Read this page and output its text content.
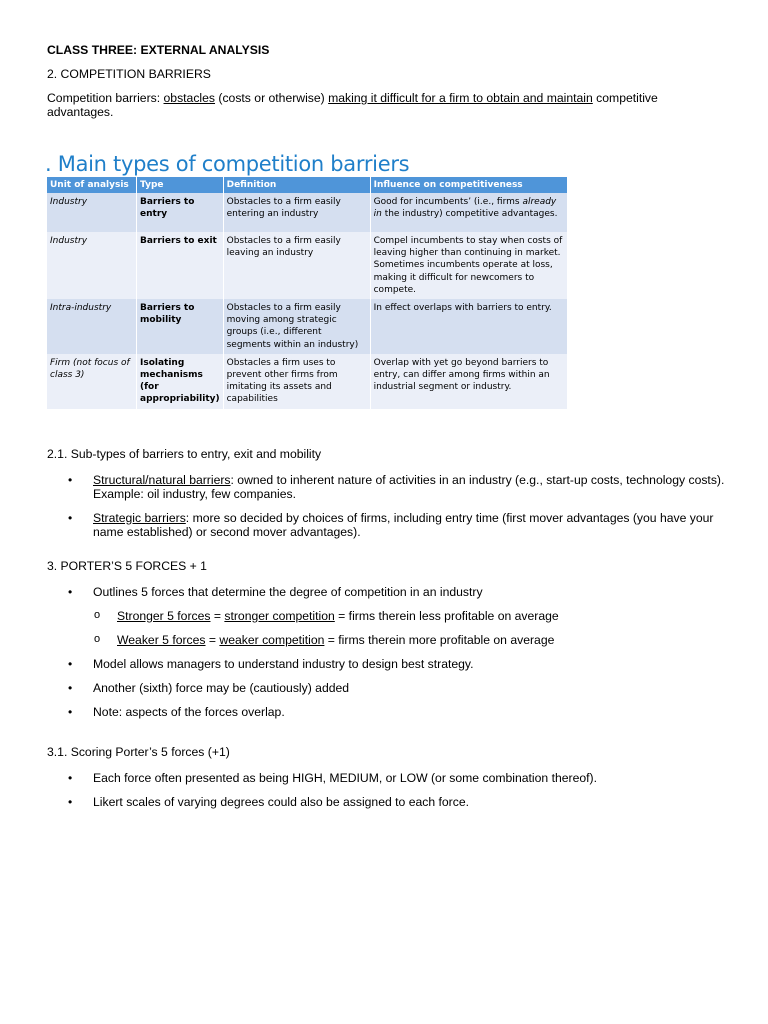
CLASS THREE: EXTERNAL ANALYSIS
2. COMPETITION BARRIERS
Competition barriers: obstacles (costs or otherwise) making it difficult for a firm to obtain and maintain competitive advantages.
. Main types of competition barriers
Unit of analysis	Type	Definition	Influence on competitiveness
Industry	Barriers to entry	Obstacles to a firm easily entering an industry	Good for incumbents’ (i.e., firms already in the industry) competitive advantages.
Industry	Barriers to exit	Obstacles to a firm easily leaving an industry	Compel incumbents to stay when costs of leaving higher than continuing in market. Sometimes incumbents operate at loss, making it difficult for newcomers to compete.
Intra-industry	Barriers to mobility	Obstacles to a firm easily moving among strategic groups (i.e., different segments within an industry)	In effect overlaps with barriers to entry.
Firm (not focus of class 3)	Isolating mechanisms (for appropriability)	Obstacles a firm uses to prevent other firms from imitating its assets and capabilities	Overlap with yet go beyond barriers to entry, can differ among firms within an industrial segment or industry.
2.1. Sub-types of barriers to entry, exit and mobility
• Structural/natural barriers: owned to inherent nature of activities in an industry (e.g., start-up costs, technology costs). Example: oil industry, few companies.
• Strategic barriers: more so decided by choices of firms, including entry time (first mover advantages (you have your name established) or second mover advantages).
3. PORTER’S 5 FORCES + 1
• Outlines 5 forces that determine the degree of competition in an industry
o Stronger 5 forces = stronger competition = firms therein less profitable on average
o Weaker 5 forces = weaker competition = firms therein more profitable on average
• Model allows managers to understand industry to design best strategy.
• Another (sixth) force may be (cautiously) added
• Note: aspects of the forces overlap.
3.1. Scoring Porter’s 5 forces (+1)
• Each force often presented as being HIGH, MEDIUM, or LOW (or some combination thereof).
• Likert scales of varying degrees could also be assigned to each force.
